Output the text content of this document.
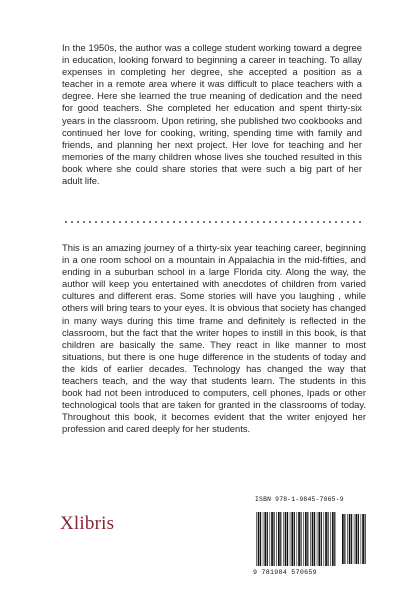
In the 1950s, the author was a college student working toward a degree in education, looking forward to beginning a career in teaching. To allay expenses in completing her degree, she accepted a position as a teacher in a remote area where it was difficult to place teachers with a degree. Here she learned the true meaning of dedication and the need for good teachers. She completed her education and spent thirty-six years in the classroom. Upon retiring, she published two cookbooks and continued her love for cooking, writing, spending time with family and friends, and planning her next project. Her love for teaching and her memories of the many children whose lives she touched resulted in this book where she could share stories that were such a big part of her adult life.

This is an amazing journey of a thirty-six year teaching career, beginning in a one room school on a mountain in Appalachia in the mid-fifties, and ending in a suburban school in a large Florida city. Along the way, the author will keep you entertained with anecdotes of children from varied cultures and different eras. Some stories will have you laughing , while others will bring tears to your eyes. It is obvious that society has changed in many ways during this time frame and definitely is reflected in the classroom, but the fact that the writer hopes to instill in this book, is that children are basically the same. They react in like manner to most situations, but there is one huge difference in the students of today and the kids of earlier decades. Technology has changed the way that teachers teach, and the way that students learn. The students in this book had not been introduced to computers, cell phones, Ipads or other technological tools that are taken for granted in the classrooms of today. Throughout this book, it becomes evident that the writer enjoyed her profession and cared deeply for her students.

Xlibris
ISBN 978-1-9845-7065-9
9 781984 570659
